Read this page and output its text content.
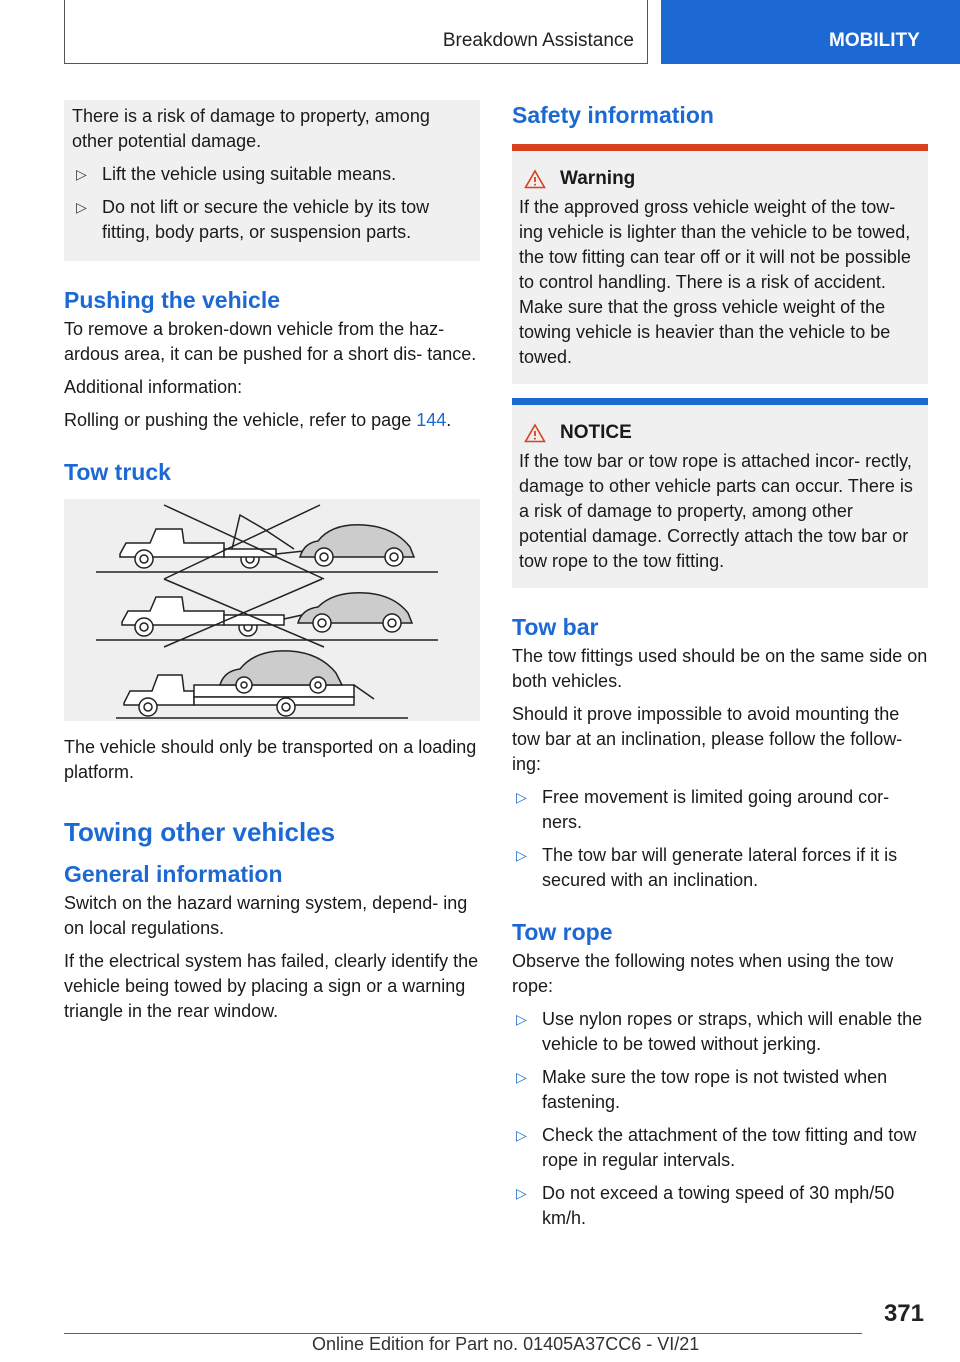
Breakdown Assistance	MOBILITY

There is a risk of damage to property, among other potential damage.

▷ Lift the vehicle using suitable means.
▷ Do not lift or secure the vehicle by its tow fitting, body parts, or suspension parts.
Pushing the vehicle

To remove a broken-down vehicle from the haz- ardous area, it can be pushed for a short dis- tance.

Additional information:

Rolling or pushing the vehicle, refer to page 144.

Tow truck

The vehicle should only be transported on a loading platform.

Towing other vehicles
General information

Switch on the hazard warning system, depend- ing on local regulations.

If the electrical system has failed, clearly identify the vehicle being towed by placing a sign or a warning triangle in the rear window.

Safety information
Warning

If the approved gross vehicle weight of the tow- ing vehicle is lighter than the vehicle to be towed, the tow fitting can tear off or it will not be possible to control handling. There is a risk of accident. Make sure that the gross vehicle weight of the towing vehicle is heavier than the vehicle to be towed.

NOTICE

If the tow bar or tow rope is attached incor- rectly, damage to other vehicle parts can occur. There is a risk of damage to property, among other potential damage. Correctly attach the tow bar or tow rope to the tow fitting.

Tow bar

The tow fittings used should be on the same side on both vehicles.

Should it prove impossible to avoid mounting the tow bar at an inclination, please follow the follow- ing:

▷ Free movement is limited going around cor- ners.
▷ The tow bar will generate lateral forces if it is secured with an inclination.
Tow rope

Observe the following notes when using the tow rope:

▷ Use nylon ropes or straps, which will enable the vehicle to be towed without jerking.
▷ Make sure the tow rope is not twisted when fastening.
▷ Check the attachment of the tow fitting and tow rope in regular intervals.
▷ Do not exceed a towing speed of 30 mph/50 km/h.
371
Online Edition for Part no. 01405A37CC6 - VI/21
